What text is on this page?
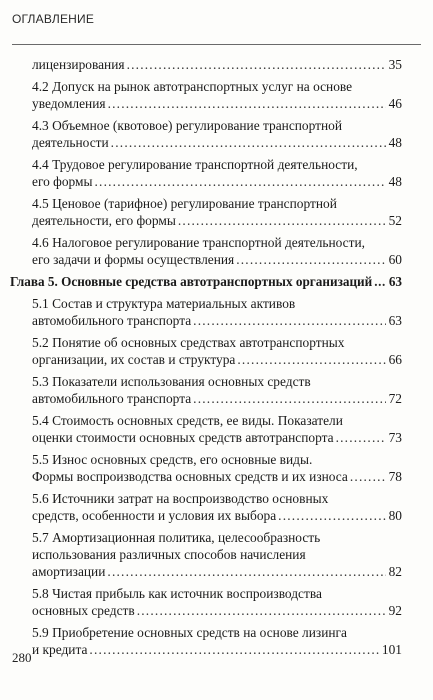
ОГЛАВЛЕНИЕ
лицензирования .....	35
4.2 Допуск на рынок автотранспортных услуг на основе
уведомления .....	46
4.3 Объемное (квотовое) регулирование транспортной
деятельности .....	48
4.4 Трудовое регулирование транспортной деятельности,
его формы .....	48
4.5 Ценовое (тарифное) регулирование транспортной
деятельности, его формы .....	52
4.6 Налоговое регулирование транспортной деятельности,
его задачи и формы осуществления .....	60
Глава 5. Основные средства автотранспортных организаций ..... 63
5.1 Состав и структура материальных активов
автомобильного транспорта .....	63
5.2 Понятие об основных средствах автотранспортных
организации, их состав и структура .....	66
5.3 Показатели использования основных средств
автомобильного транспорта .....	72
5.4 Стоимость основных средств, ее виды. Показатели
оценки стоимости основных средств автотранспорта .....	73
5.5 Износ основных средств, его основные виды.
Формы воспроизводства основных средств и их износа .....	78
5.6 Источники затрат на воспроизводство основных
средств, особенности и условия их выбора .....	80
5.7 Амортизационная политика, целесообразность
использования различных способов начисления
амортизации .....	82
5.8 Чистая прибыль как источник воспроизводства
основных средств .....	92
5.9 Приобретение основных средств на основе лизинга
и кредита .....	101
280
